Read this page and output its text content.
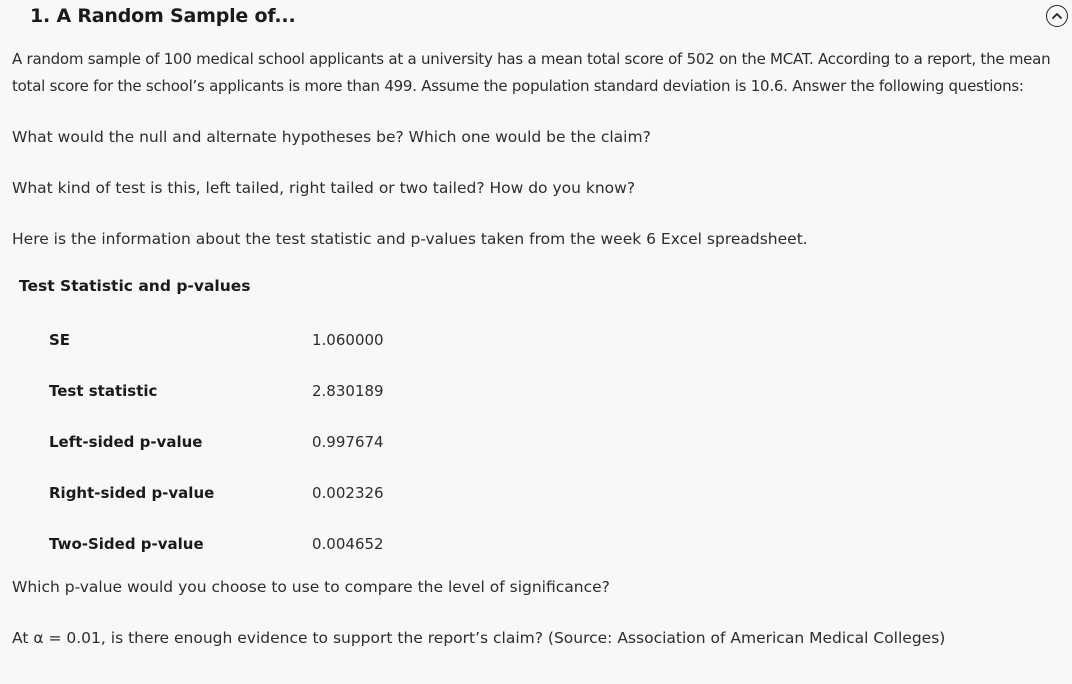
1. A Random Sample of...

A random sample of 100 medical school applicants at a university has a mean total score of 502 on the MCAT. According to a report, the mean total score for the school’s applicants is more than 499. Assume the population standard deviation is 10.6. Answer the following questions:

What would the null and alternate hypotheses be? Which one would be the claim?

What kind of test is this, left tailed, right tailed or two tailed? How do you know?

Here is the information about the test statistic and p-values taken from the week 6 Excel spreadsheet.

Test Statistic and p-values
SE	1.060000
Test statistic	2.830189
Left-sided p-value	0.997674
Right-sided p-value	0.002326
Two-Sided p-value	0.004652

Which p-value would you choose to use to compare the level of significance?

At α = 0.01, is there enough evidence to support the report’s claim? (Source: Association of American Medical Colleges)
